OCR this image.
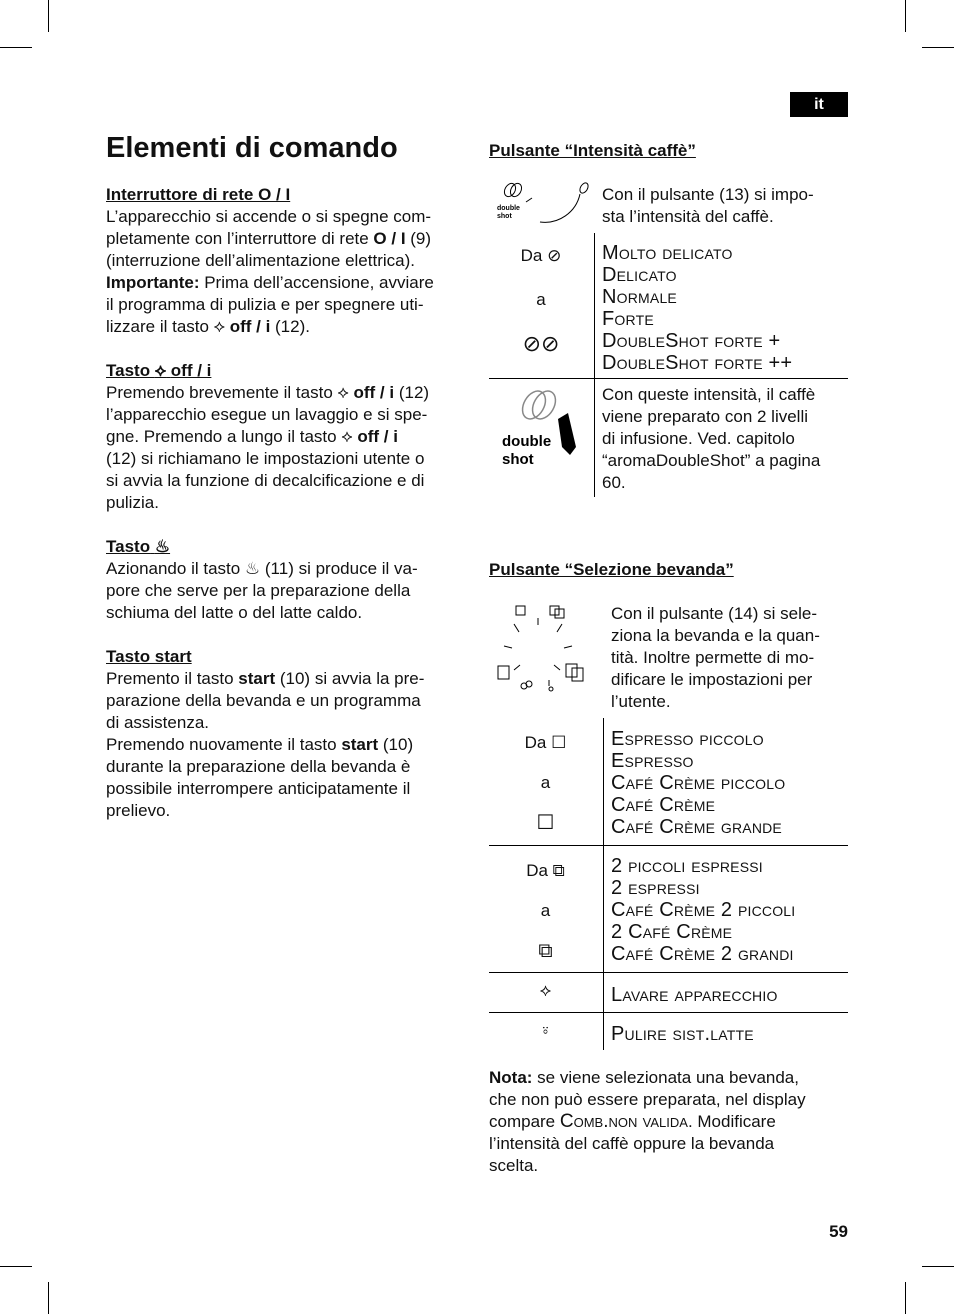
it
Elementi di comando

Interruttore di rete O / I

L’apparecchio si accende o si spegne com-

pletamente con l’interruttore di rete O / I (9)

(interruzione dell’alimentazione elettrica).

Importante: Prima dell’accensione, avviare

il programma di pulizia e per spegnere uti-

lizzare il tasto ⟡ off / i (12).

Tasto ⟡ off / i

Premendo brevemente il tasto ⟡ off / i (12)

l’apparecchio esegue un lavaggio e si spe-

gne. Premendo a lungo il tasto ⟡ off / i

(12) si richiamano le impostazioni utente o

si avvia la funzione di decalcificazione e di

pulizia.

Tasto ♨

Azionando il tasto ♨ (11) si produce il va-

pore che serve per la preparazione della

schiuma del latte o del latte caldo.

Tasto start

Premento il tasto start (10) si avvia la pre-

parazione della bevanda e un programma

di assistenza.

Premendo nuovamente il tasto start (10)

durante la preparazione della bevanda è

possibile interrompere anticipatamente il

prelievo.

Pulsante “Intensità caffè”

double
shot

Con il pulsante (13) si impo-

sta l’intensità del caffè.

Da ⊘

a

⊘⊘

Molto delicato

Delicato

Normale

Forte

DoubleShot forte +

DoubleShot forte ++

double
shot

Con queste intensità, il caffè

viene preparato con 2 livelli

di infusione. Ved. capitolo

“aromaDoubleShot” a pagina

60.

Pulsante “Selezione bevanda”

Con il pulsante (14) si sele-

ziona la bevanda e la quan-

tità. Inoltre permette di mo-

dificare le impostazioni per

l’utente.

Da ☐

a

☐

Espresso piccolo

Espresso

Café Crème piccolo

Café Crème

Café Crème grande

Da ⧉

a

⧉

2 piccoli espressi

2 espressi

Café Crème 2 piccoli

2 Café Crème

Café Crème 2 grandi

⟡	Lavare apparecchio

⍤	Pulire sist.latte

Nota: se viene selezionata una bevanda,

che non può essere preparata, nel display

compare Comb.non valida. Modificare

l’intensità del caffè oppure la bevanda

scelta.

59
